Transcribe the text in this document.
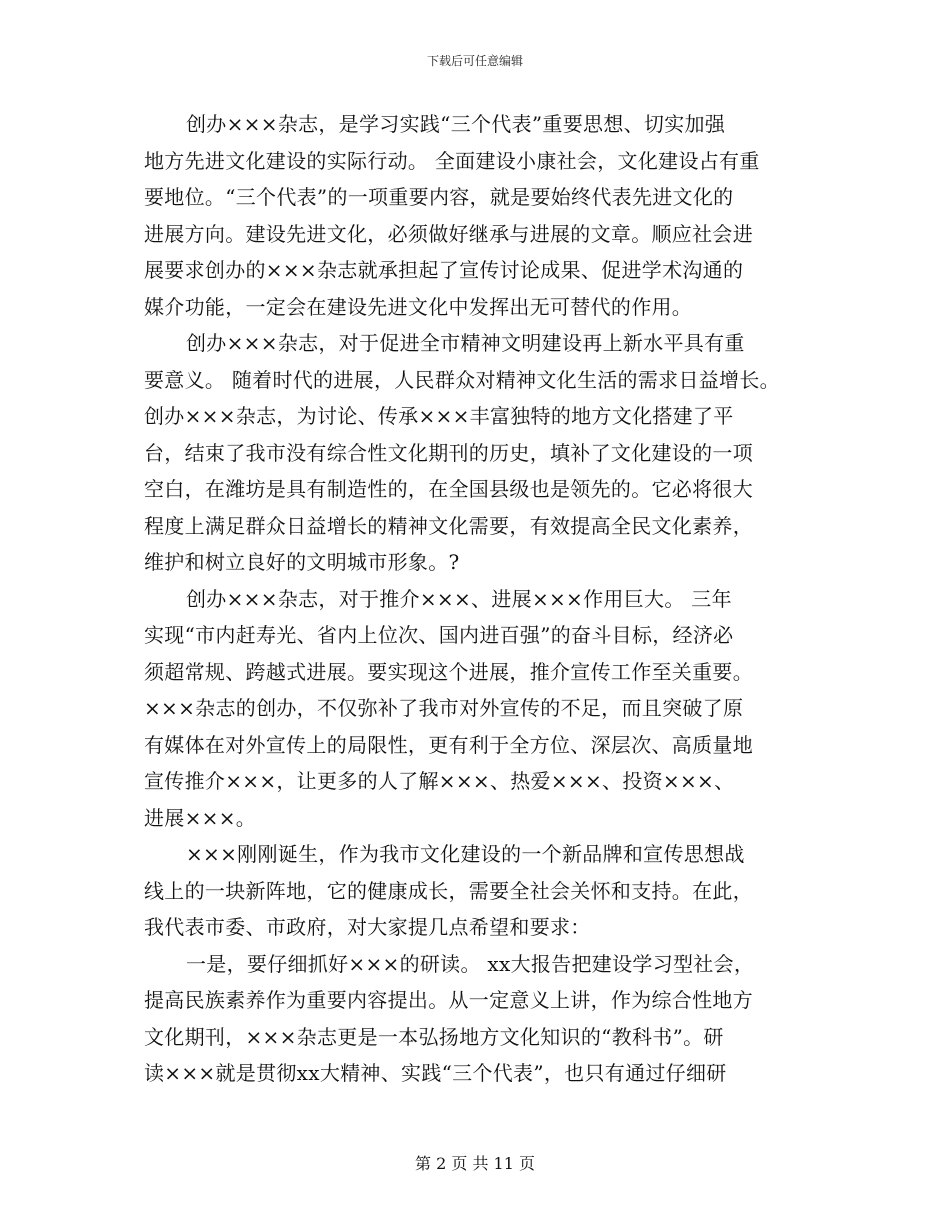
下载后可任意编辑
创办×××杂志，是学习实践“三个代表”重要思想、切实加强
地方先进文化建设的实际行动。 全面建设小康社会，文化建设占有重
要地位。“三个代表”的一项重要内容，就是要始终代表先进文化的
进展方向。建设先进文化，必须做好继承与进展的文章。顺应社会进
展要求创办的×××杂志就承担起了宣传讨论成果、促进学术沟通的
媒介功能，一定会在建设先进文化中发挥出无可替代的作用。
创办×××杂志，对于促进全市精神文明建设再上新水平具有重
要意义。 随着时代的进展，人民群众对精神文化生活的需求日益增长。
创办×××杂志，为讨论、传承×××丰富独特的地方文化搭建了平
台，结束了我市没有综合性文化期刊的历史，填补了文化建设的一项
空白，在潍坊是具有制造性的，在全国县级也是领先的。它必将很大
程度上满足群众日益增长的精神文化需要，有效提高全民文化素养，
维护和树立良好的文明城市形象。?
创办×××杂志，对于推介×××、进展×××作用巨大。 三年
实现“市内赶寿光、省内上位次、国内进百强”的奋斗目标，经济必
须超常规、跨越式进展。要实现这个进展，推介宣传工作至关重要。
×××杂志的创办，不仅弥补了我市对外宣传的不足，而且突破了原
有媒体在对外宣传上的局限性，更有利于全方位、深层次、高质量地
宣传推介×××，让更多的人了解×××、热爱×××、投资×××、
进展×××。
×××刚刚诞生，作为我市文化建设的一个新品牌和宣传思想战
线上的一块新阵地，它的健康成长，需要全社会关怀和支持。在此，
我代表市委、市政府，对大家提几点希望和要求：
一是，要仔细抓好×××的研读。 xx大报告把建设学习型社会，
提高民族素养作为重要内容提出。从一定意义上讲，作为综合性地方
文化期刊，×××杂志更是一本弘扬地方文化知识的“教科书”。研
读×××就是贯彻xx大精神、实践“三个代表”，也只有通过仔细研
第 2 页 共 11 页
